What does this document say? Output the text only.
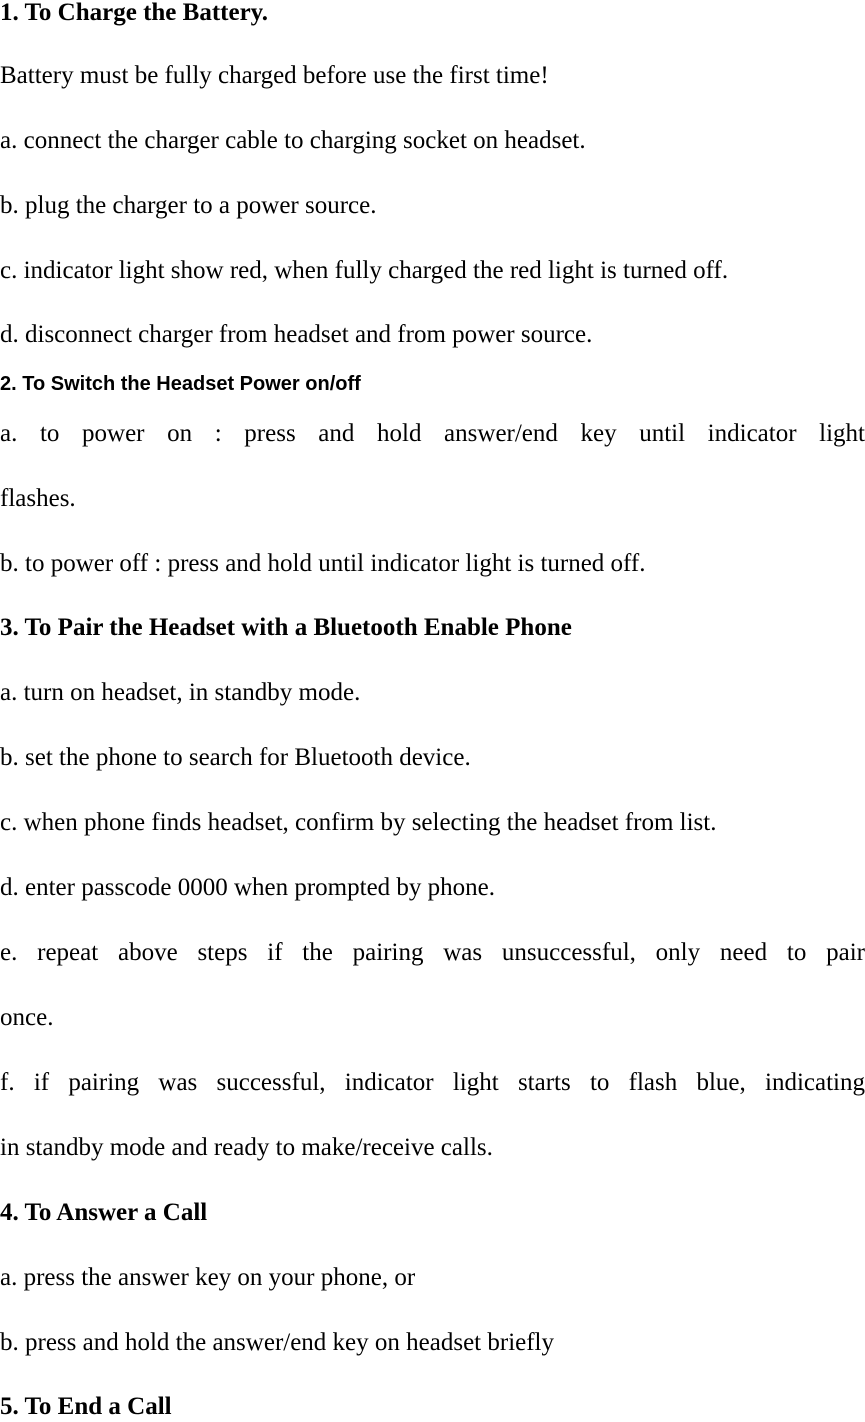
1. To Charge the Battery.
Battery must be fully charged before use the first time!
a. connect the charger cable to charging socket on headset.
b. plug the charger to a power source.
c. indicator light show red, when fully charged the red light is turned off.
d. disconnect charger from headset and from power source.
2. To Switch the Headset Power on/off
a. to power on : press and hold answer/end key until indicator light
flashes.
b. to power off : press and hold until indicator light is turned off.
3. To Pair the Headset with a Bluetooth Enable Phone
a. turn on headset, in standby mode.
b. set the phone to search for Bluetooth device.
c. when phone finds headset, confirm by selecting the headset from list.
d. enter passcode 0000 when prompted by phone.
e. repeat above steps if the pairing was unsuccessful, only need to pair
once.
f. if pairing was successful, indicator light starts to flash blue, indicating
in standby mode and ready to make/receive calls.
4. To Answer a Call
a. press the answer key on your phone, or
b. press and hold the answer/end key on headset briefly
5. To End a Call
